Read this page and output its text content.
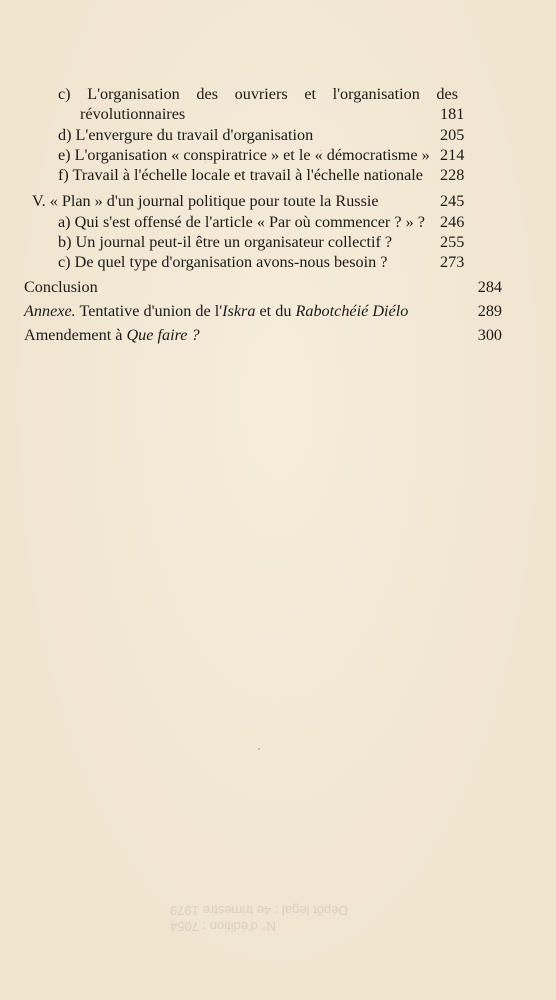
c) L'organisation des ouvriers et l'organisation des révolutionnaires	181
d) L'envergure du travail d'organisation	205
e) L'organisation « conspiratrice » et le « démocratisme » 214
f) Travail à l'échelle locale et travail à l'échelle nationale 228
V. « Plan » d'un journal politique pour toute la Russie	245
a) Qui s'est offensé de l'article « Par où commencer ? » ? 246
b) Un journal peut-il être un organisateur collectif ?	255
c) De quel type d'organisation avons-nous besoin ?	273
Conclusion	284
Annexe. Tentative d'union de l'Iskra et du Rabotchéié Diélo	289
Amendement à Que faire ?	300
N° d'édition : 7054
Dépôt légal : 4e trimestre 1979
